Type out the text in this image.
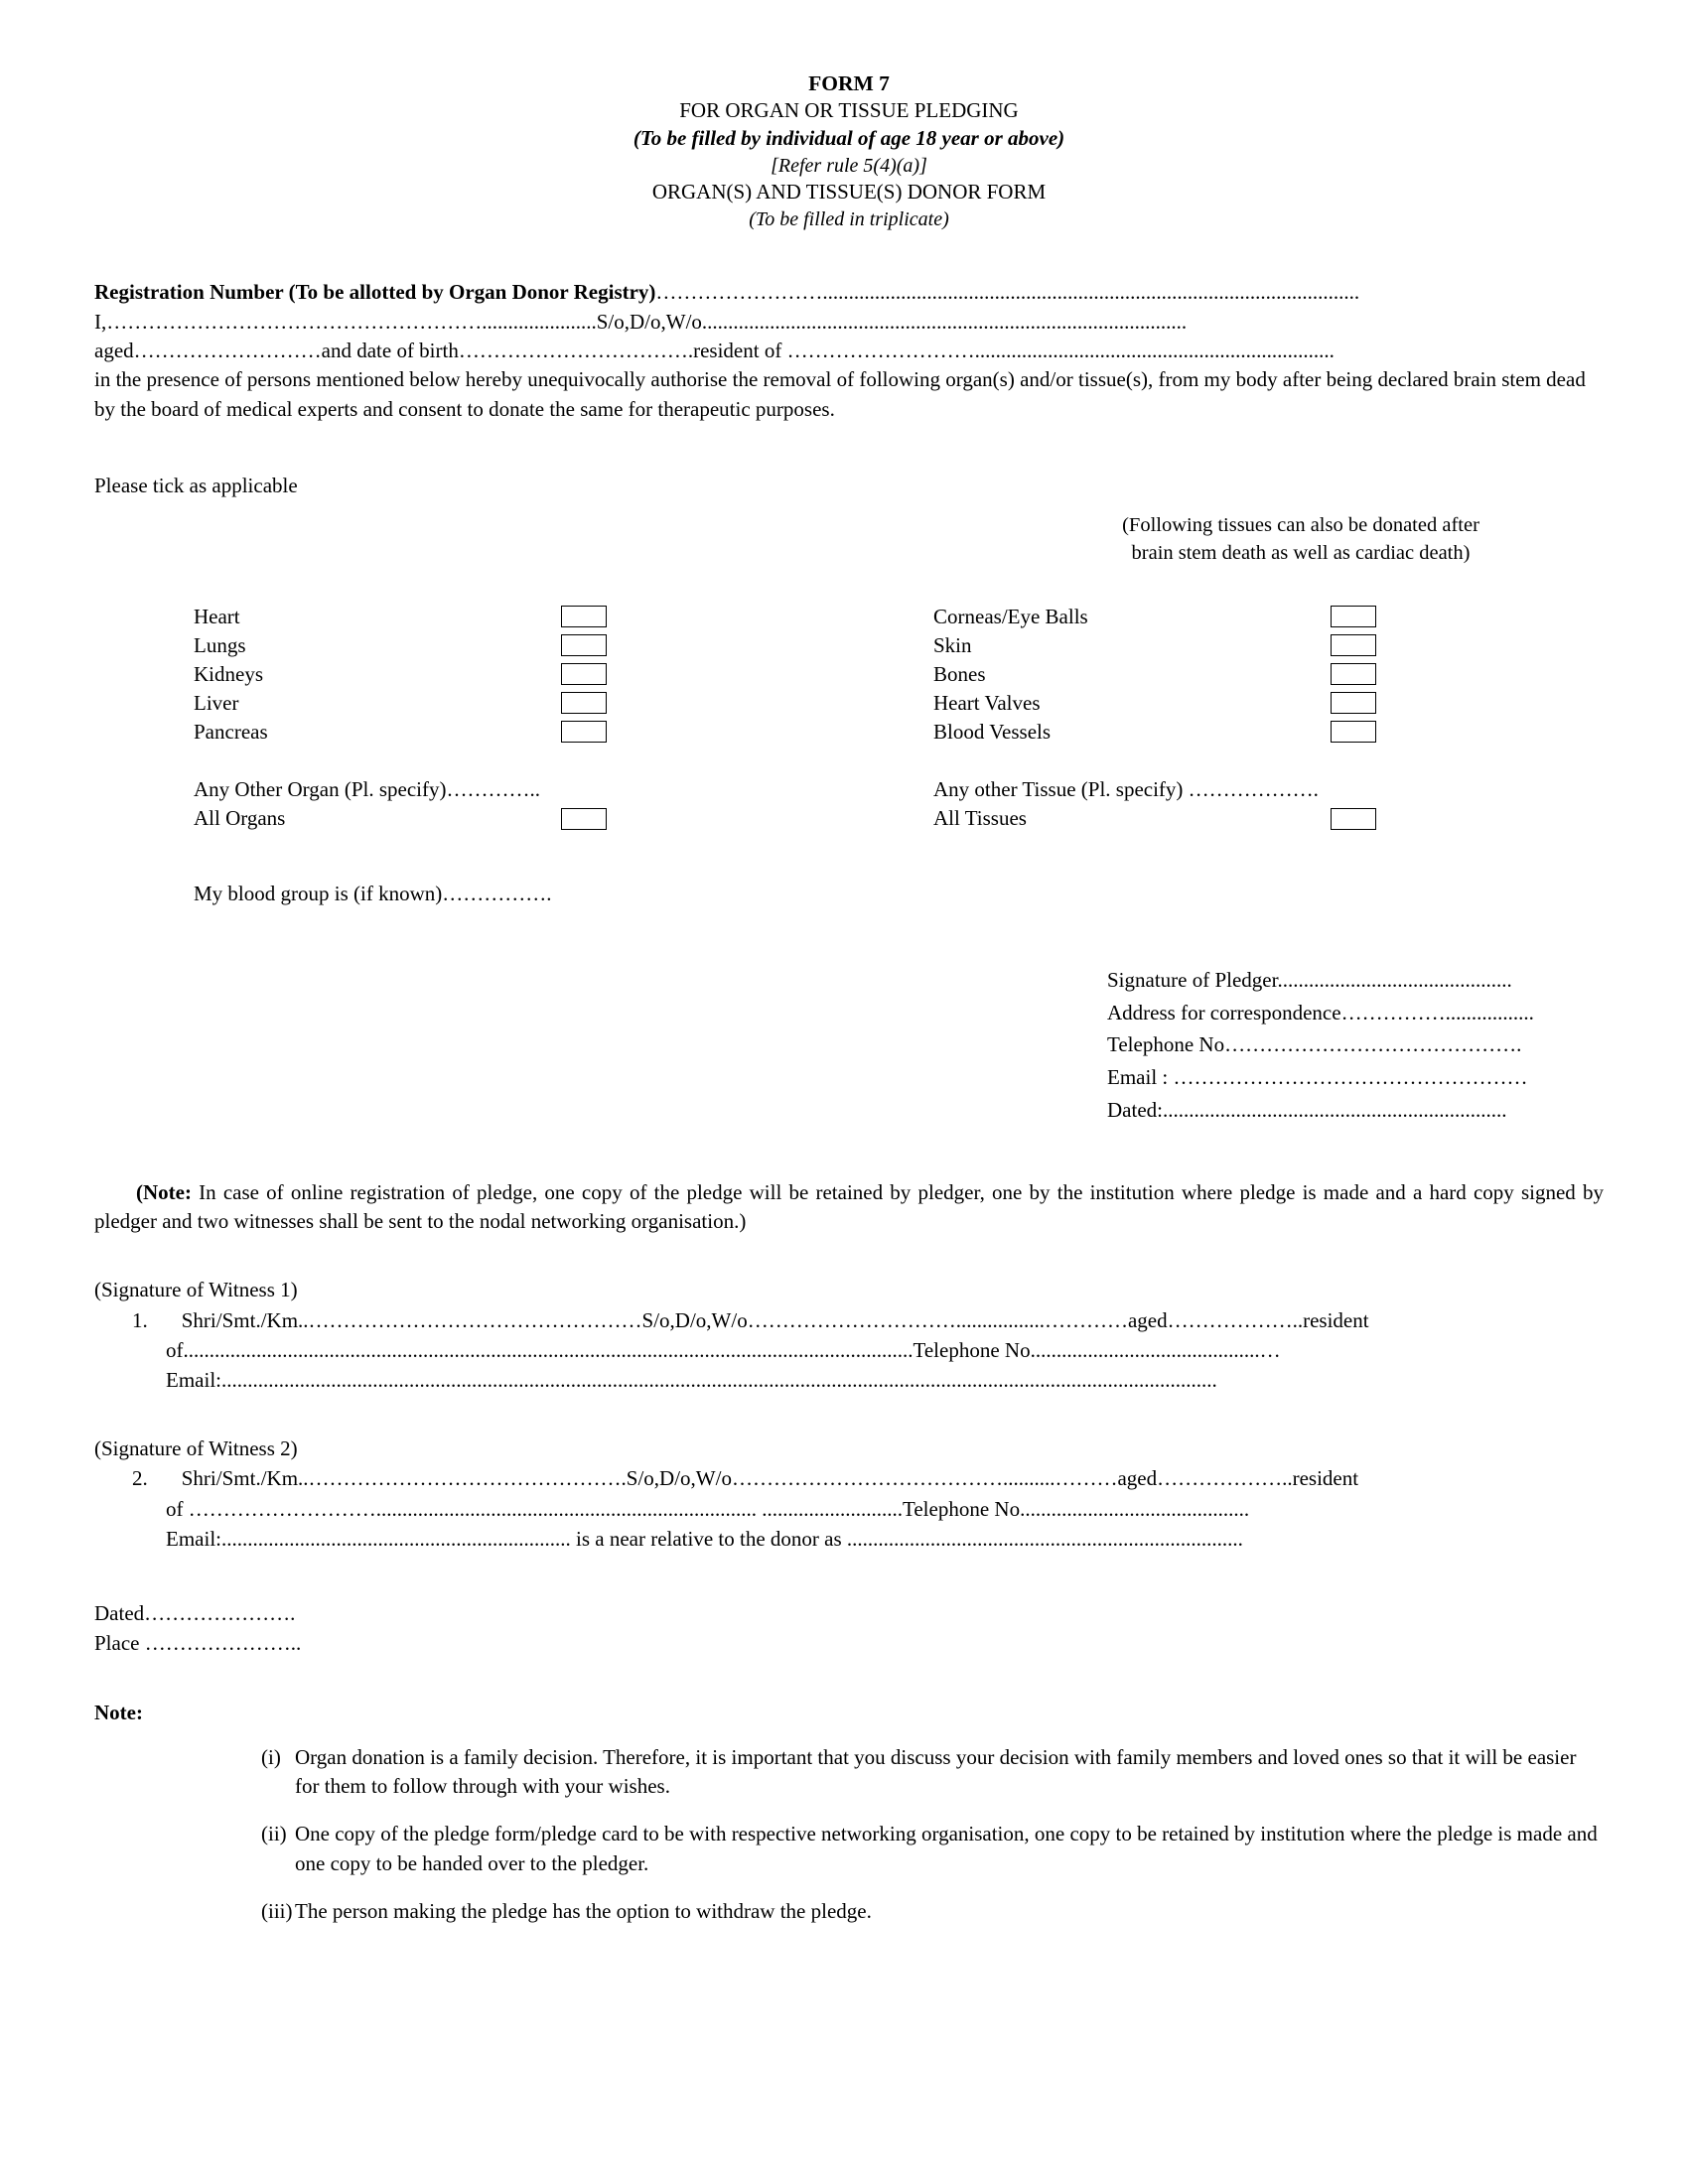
FORM 7
FOR ORGAN OR TISSUE PLEDGING
(To be filled by individual of age 18 year or above)
[Refer rule 5(4)(a)]
ORGAN(S) AND TISSUE(S) DONOR FORM
(To be filled in triplicate)

Registration Number (To be allotted by Organ Donor Registry)…………………….......................................................................................................

I,………………………………………………......................S/o,D/o,W/o.............................................................................................

aged………………………and date of birth…………………………….resident of ……………………….....................................................................

in the presence of persons mentioned below hereby unequivocally authorise the removal of following organ(s) and/or tissue(s), from my body after being declared brain stem dead by the board of medical experts and consent to donate the same for therapeutic purposes.

Please tick as applicable
(Following tissues can also be donated after
brain stem death as well as cardiac death)
Heart
Lungs
Kidneys
Liver
Pancreas
Any Other Organ (Pl. specify)…………..
All Organs
My blood group is (if known)…………….
Corneas/Eye Balls
Skin
Bones
Heart Valves
Blood Vessels
Any other Tissue (Pl. specify) ……………….
All Tissues
Signature of Pledger.............................................
Address for correspondence…………….................
Telephone No…………………………………….
Email : ……………………………………………
Dated:..................................................................
(Note: In case of online registration of pledge, one copy of the pledge will be retained by pledger, one by the institution where pledge is made and a hard copy signed by pledger and two witnesses shall be sent to the nodal networking organisation.)
(Signature of Witness 1)
1. Shri/Smt./Km..…………………………………………S/o,D/o,W/o………………………….................…………aged………………..resident
of............................................................................................................................................Telephone No............................................…
Email:...............................................................................................................................................................................................
(Signature of Witness 2)
2. Shri/Smt./Km..……………………………………….S/o,D/o,W/o…………………………………..........………aged………………..resident
of ………………………......................................................................... ...........................Telephone No............................................
Email:................................................................... is a near relative to the donor as ............................................................................
Dated………………….
Place …………………..
Note:
(i) Organ donation is a family decision. Therefore, it is important that you discuss your decision with family members and loved ones so that it will be easier for them to follow through with your wishes.
(ii) One copy of the pledge form/pledge card to be with respective networking organisation, one copy to be retained by institution where the pledge is made and one copy to be handed over to the pledger.
(iii) The person making the pledge has the option to withdraw the pledge.
